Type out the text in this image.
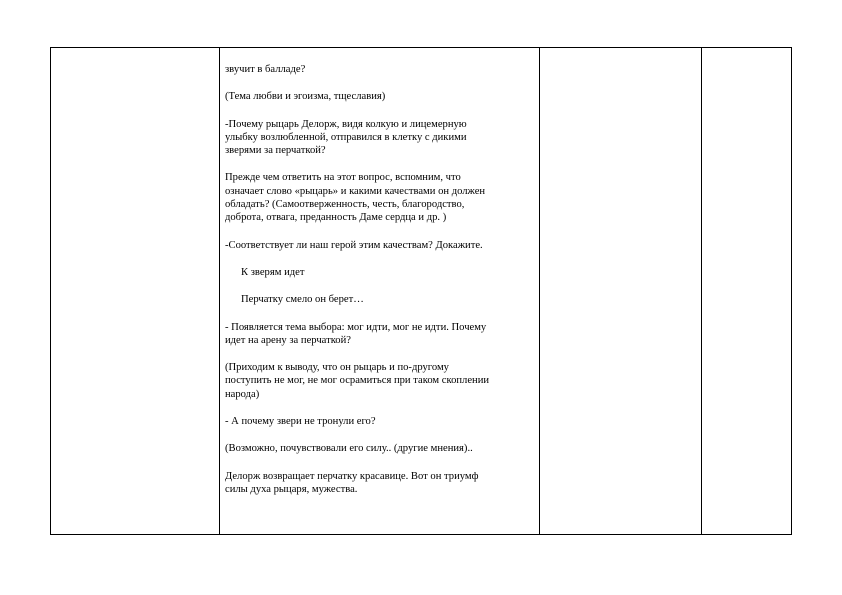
звучит в балладе?
(Тема любви и эгоизма, тщеславия)
-Почему рыцарь Делорж, видя колкую и лицемерную
улыбку возлюбленной, отправился в клетку с дикими
зверями за перчаткой?
Прежде чем ответить на этот вопрос, вспомним, что
означает слово «рыцарь» и какими качествами он должен
обладать? (Самоотверженность, честь, благородство,
доброта, отвага, преданность Даме сердца и др. )
-Соответствует ли наш герой этим качествам? Докажите.
К зверям идет
Перчатку смело он берет…
- Появляется тема выбора: мог идти, мог не идти. Почему
идет на арену за перчаткой?
(Приходим к выводу, что он рыцарь и по-другому
поступить не мог, не мог осрамиться при таком скоплении
народа)
- А почему звери не тронули его?
(Возможно, почувствовали его силу.. (другие мнения)..
Делорж возвращает перчатку красавице. Вот он триумф
силы духа рыцаря, мужества.
